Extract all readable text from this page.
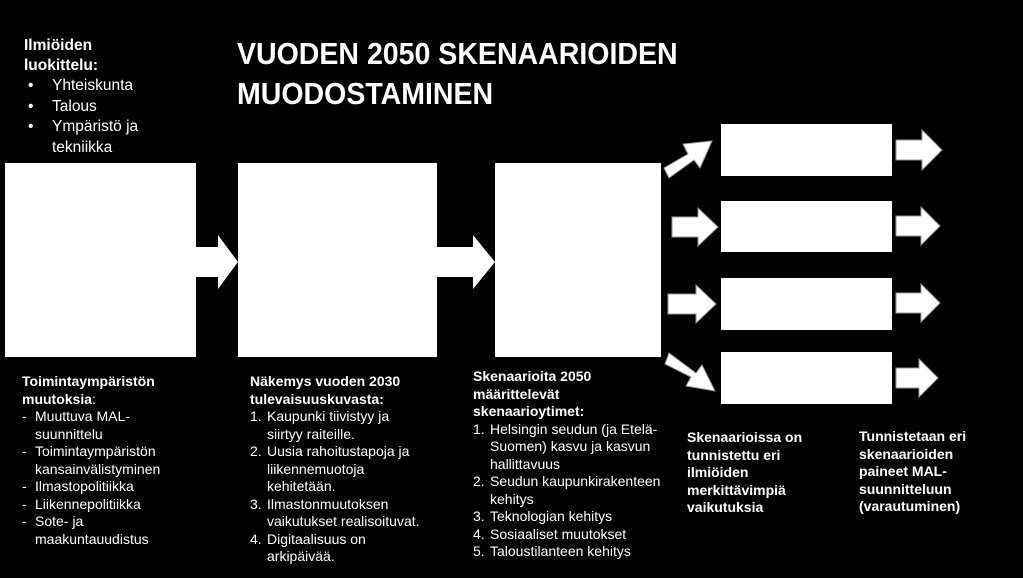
Ilmiöiden luokittelu:
• Yhteiskunta
• Talous
• Ympäristö ja tekniikka
VUODEN 2050 SKENAARIOIDEN
MUODOSTAMINEN
Toimintaympäristön muutoksia:
- Muuttuva MAL-suunnittelu
- Toimintaympäristön kansainvälistyminen
- Ilmastopolitiikka
- Liikennepolitiikka
- Sote- ja maakuntauudistus
Näkemys vuoden 2030 tulevaisuuskuvasta:
Kaupunki tiivistyy ja siirtyy raiteille.
Uusia rahoitustapoja ja liikennemuotoja kehitetään.
Ilmastonmuutoksen vaikutukset realisoituvat.
Digitaalisuus on arkipäivää.
Skenaarioita 2050 määrittelevät skenaarioytimet:
Helsingin seudun (ja Etelä-Suomen) kasvu ja kasvun hallittavuus
Seudun kaupunkirakenteen kehitys
Teknologian kehitys
Sosiaaliset muutokset
Taloustilanteen kehitys
Skenaarioissa on tunnistettu eri ilmiöiden merkittävimpiä vaikutuksia
Tunnistetaan eri skenaarioiden paineet MAL-suunnitteluun (varautuminen)
